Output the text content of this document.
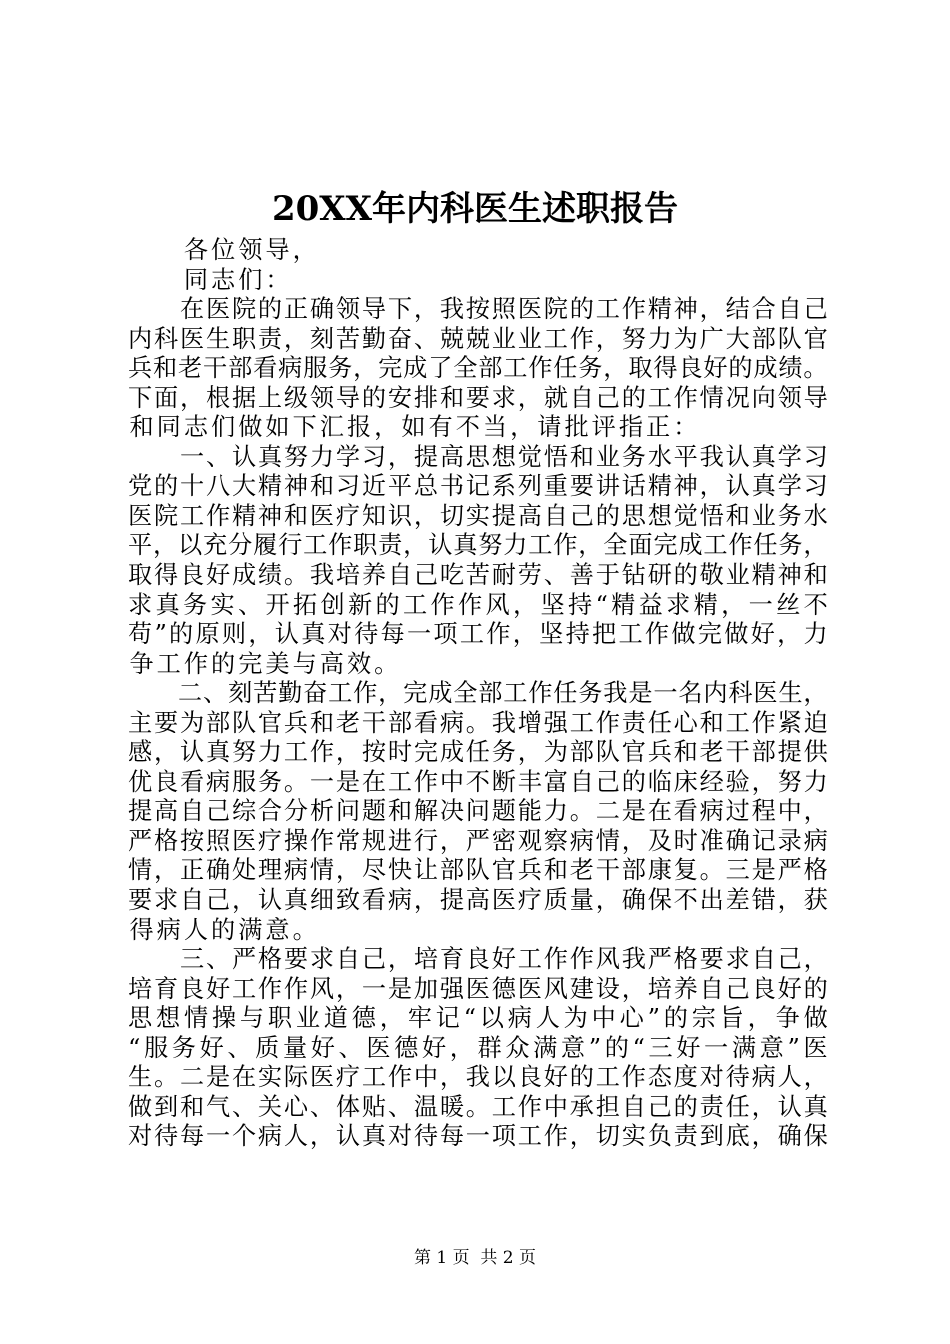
20XX年内科医生述职报告

各 位 领 导 ，

同 志 们 ：

在 医 院 的 正 确 领 导 下 ， 我 按 照 医 院 的 工 作 精 神 ， 结 合 自 己
内 科 医 生 职 责 ， 刻 苦 勤 奋 、 兢 兢 业 业 工 作 ， 努 力 为 广 大 部 队 官
兵 和 老 干 部 看 病 服 务 ， 完 成 了 全 部 工 作 任 务 ， 取 得 良 好 的 成 绩 。
下 面 ， 根 据 上 级 领 导 的 安 排 和 要 求 ， 就 自 己 的 工 作 情 况 向 领 导
和 同 志 们 做 如 下 汇 报 ， 如 有 不 当 ， 请 批 评 指 正 ：

一 、 认 真 努 力 学 习 ， 提 高 思 想 觉 悟 和 业 务 水 平 我 认 真 学 习
党 的 十 八 大 精 神 和 习 近 平 总 书 记 系 列 重 要 讲 话 精 神 ， 认 真 学 习
医 院 工 作 精 神 和 医 疗 知 识 ， 切 实 提 高 自 己 的 思 想 觉 悟 和 业 务 水
平 ， 以 充 分 履 行 工 作 职 责 ， 认 真 努 力 工 作 ， 全 面 完 成 工 作 任 务 ，
取 得 良 好 成 绩 。 我 培 养 自 己 吃 苦 耐 劳 、 善 于 钻 研 的 敬 业 精 神 和
求 真 务 实 、 开 拓 创 新 的 工 作 作 风 ， 坚 持 “ 精 益 求 精 ， 一 丝 不
苟 ” 的 原 则 ， 认 真 对 待 每 一 项 工 作 ， 坚 持 把 工 作 做 完 做 好 ， 力
争 工 作 的 完 美 与 高 效 。

二 、 刻 苦 勤 奋 工 作 ， 完 成 全 部 工 作 任 务 我 是 一 名 内 科 医 生 ，
主 要 为 部 队 官 兵 和 老 干 部 看 病 。 我 增 强 工 作 责 任 心 和 工 作 紧 迫
感 ， 认 真 努 力 工 作 ， 按 时 完 成 任 务 ， 为 部 队 官 兵 和 老 干 部 提 供
优 良 看 病 服 务 。 一 是 在 工 作 中 不 断 丰 富 自 己 的 临 床 经 验 ， 努 力
提 高 自 己 综 合 分 析 问 题 和 解 决 问 题 能 力 。 二 是 在 看 病 过 程 中 ，
严 格 按 照 医 疗 操 作 常 规 进 行 ， 严 密 观 察 病 情 ， 及 时 准 确 记 录 病
情 ， 正 确 处 理 病 情 ， 尽 快 让 部 队 官 兵 和 老 干 部 康 复 。 三 是 严 格
要 求 自 己 ， 认 真 细 致 看 病 ， 提 高 医 疗 质 量 ， 确 保 不 出 差 错 ， 获
得 病 人 的 满 意 。

三 、 严 格 要 求 自 己 ， 培 育 良 好 工 作 作 风 我 严 格 要 求 自 己 ，
培 育 良 好 工 作 作 风 ， 一 是 加 强 医 德 医 风 建 设 ， 培 养 自 己 良 好 的
思 想 情 操 与 职 业 道 德 ， 牢 记 “ 以 病 人 为 中 心 ” 的 宗 旨 ， 争 做
“ 服 务 好 、 质 量 好 、 医 德 好 ， 群 众 满 意 ” 的 “ 三 好 一 满 意 ” 医
生 。 二 是 在 实 际 医 疗 工 作 中 ， 我 以 良 好 的 工 作 态 度 对 待 病 人 ，
做 到 和 气 、 关 心 、 体 贴 、 温 暖 。 工 作 中 承 担 自 己 的 责 任 ， 认 真
对 待 每 一 个 病 人 ， 认 真 对 待 每 一 项 工 作 ， 切 实 负 责 到 底 ， 确 保
第 1 页  共 2 页
